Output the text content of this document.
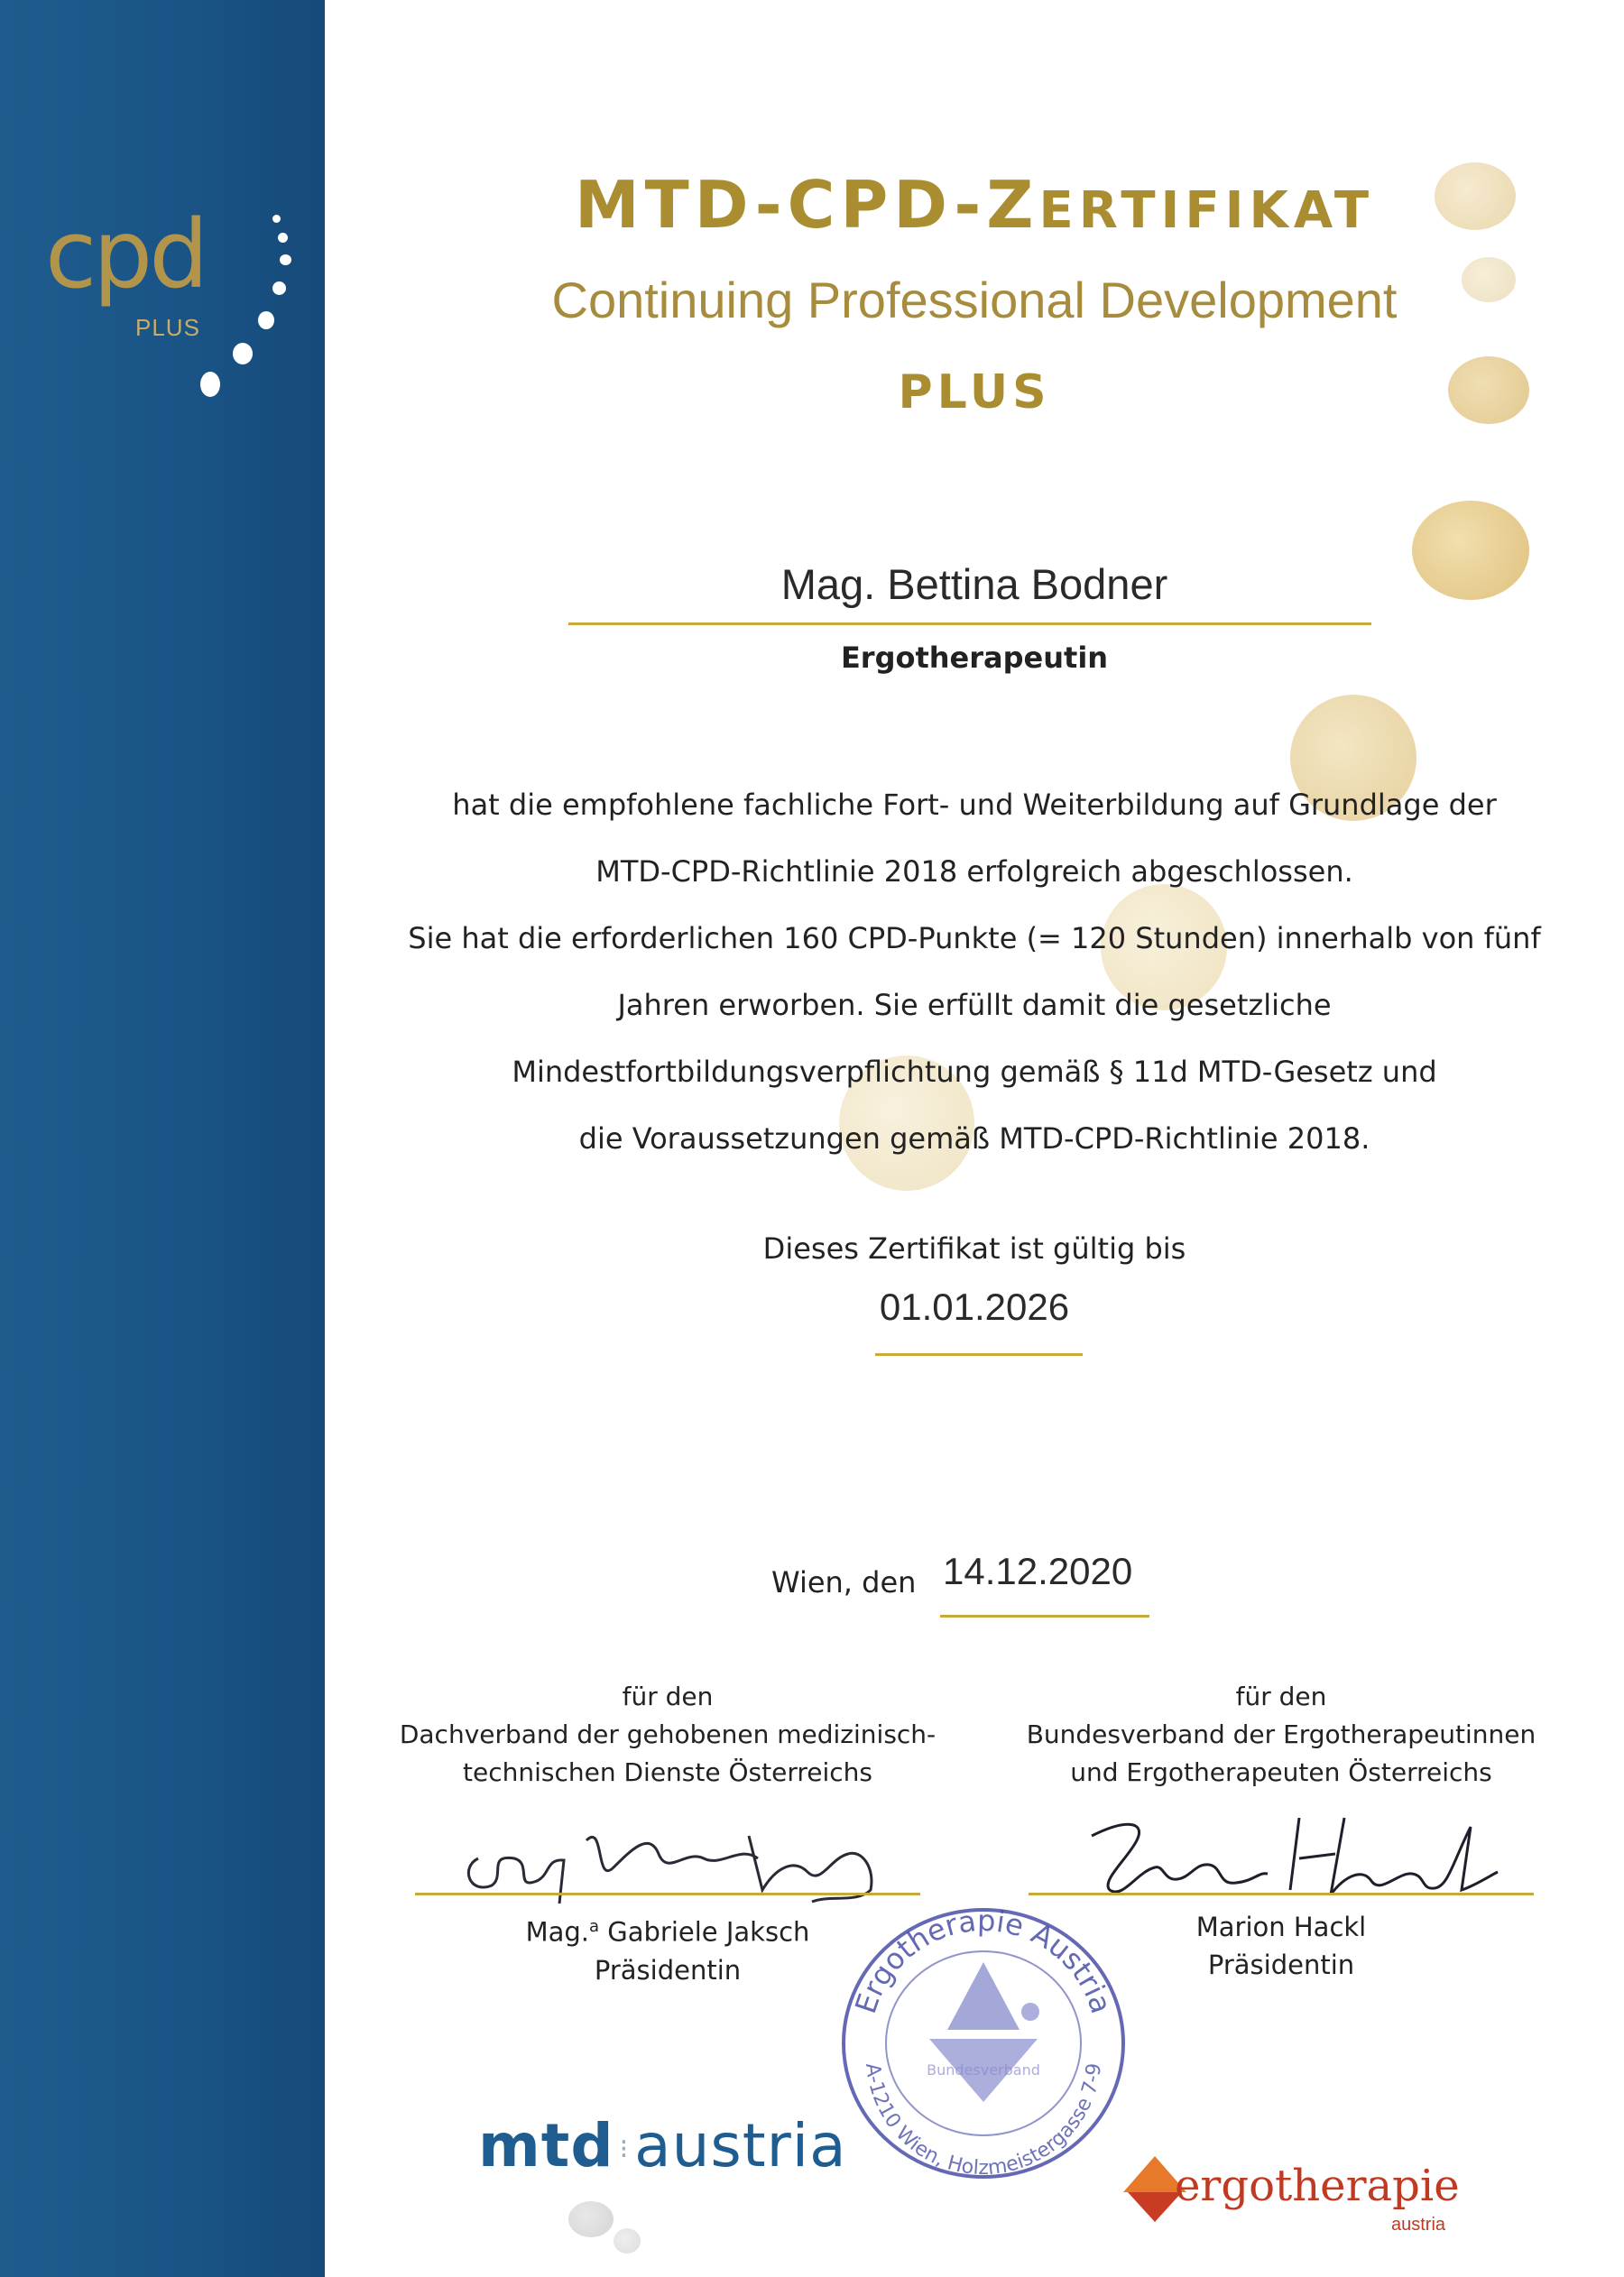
cpd
PLUS
MTD-CPD-ZERTIFIKAT
Continuing Professional Development
PLUS
Mag. Bettina Bodner
Ergotherapeutin
hat die empfohlene fachliche Fort- und Weiterbildung auf Grundlage der
MTD-CPD-Richtlinie 2018 erfolgreich abgeschlossen.
Sie hat die erforderlichen 160 CPD-Punkte (= 120 Stunden) innerhalb von fünf
Jahren erworben. Sie erfüllt damit die gesetzliche
Mindestfortbildungsverpflichtung gemäß § 11d MTD-Gesetz und
die Voraussetzungen gemäß MTD-CPD-Richtlinie 2018.
Dieses Zertifikat ist gültig bis
01.01.2026
Wien, den 14.12.2020
für den
Dachverband der gehobenen medizinisch-
technischen Dienste Österreichs
für den
Bundesverband der Ergotherapeutinnen
und Ergotherapeuten Österreichs
Mag.$^a$ Gabriele Jaksch
Präsidentin
Marion Hackl
Präsidentin
Ergotherapie Austria
A-1210 Wien, Holzmeistergasse 7-9
Bundesverband
mtd ⁝austria
ergotherapie
austria
